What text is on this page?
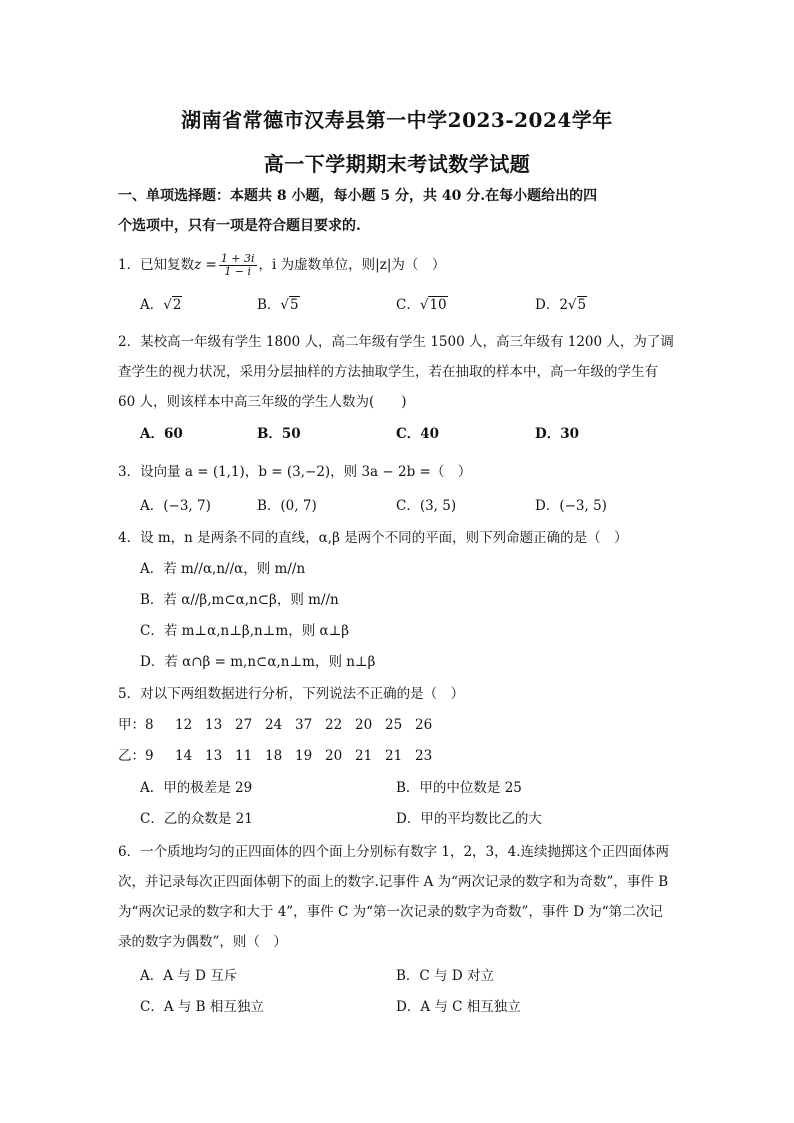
湖南省常德市汉寿县第一中学2023-2024学年
高一下学期期末考试数学试题
一、单项选择题：本题共 8 小题，每小题 5 分，共 40 分.在每小题给出的四
个选项中，只有一项是符合题目要求的.
1．已知复数$z = \frac{1 + 3i}{1 - i}$ ，i 为虚数单位，则|z|为（　）
A．√2	B．√5	C．√10	D．2√5
2．某校高一年级有学生 1800 人，高二年级有学生 1500 人，高三年级有 1200 人，为了调
查学生的视力状况，采用分层抽样的方法抽取学生，若在抽取的样本中，高一年级的学生有
60 人，则该样本中高三年级的学生人数为(　　)
A．60	B．50	C．40	D．30
3．设向量 a = (1,1)，b = (3,−2)，则 3a − 2b =（　）
A．(−3, 7)	B．(0, 7)	C．(3, 5)	D．(−3, 5)
4．设 m，n 是两条不同的直线，α,β 是两个不同的平面，则下列命题正确的是（　）
A．若 m//α,n//α，则 m//n
B．若 α//β,m⊂α,n⊂β，则 m//n
C．若 m⊥α,n⊥β,n⊥m，则 α⊥β
D．若 α∩β = m,n⊂α,n⊥m，则 n⊥β
5．对以下两组数据进行分析，下列说法不正确的是（　）
甲：8 12 13 27 24 37 22 20 25 26
乙：9 14 13 11 18 19 20 21 21 23
A．甲的极差是 29	B．甲的中位数是 25
C．乙的众数是 21	D．甲的平均数比乙的大
6．一个质地均匀的正四面体的四个面上分别标有数字 1，2，3，4.连续抛掷这个正四面体两
次，并记录每次正四面体朝下的面上的数字.记事件 A 为“两次记录的数字和为奇数”，事件 B
为“两次记录的数字和大于 4”，事件 C 为“第一次记录的数字为奇数”，事件 D 为“第二次记
录的数字为偶数”，则（　）
A．A 与 D 互斥	B．C 与 D 对立
C．A 与 B 相互独立	D．A 与 C 相互独立
